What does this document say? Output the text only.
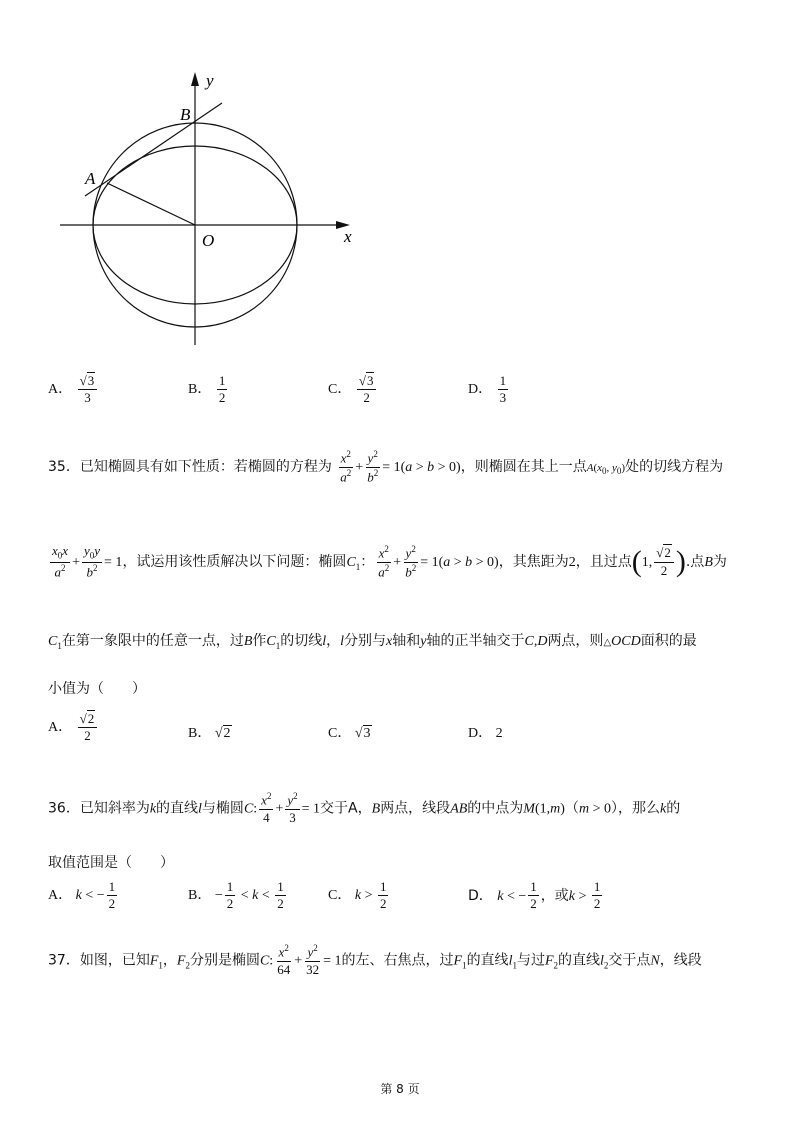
y
x
B
A
O
A． $\frac{√3}{3}$	B． $\frac{1}{2}$	C． $\frac{√3}{2}$	D． $\frac{1}{3}$
35．已知椭圆具有如下性质：若椭圆的方程为 $\frac{x^2}{a^2} + \frac{y^2}{b^2} = 1(a > b > 0)$，则椭圆在其上一点$A(x_0$, $y_0$)处的切线方程为
$\frac{x_0x}{a^2} + \frac{y_0y}{b^2} = 1$，试运用该性质解决以下问题：椭圆$C_1$： $\frac{x^2}{a^2} + \frac{y^2}{b^2} = 1(a > b > 0)$，其焦距为2，且过点(1, $\frac{√2}{2}$ ).点B为
$C_1$在第一象限中的任意一点，过B作$C_1$的切线l，l分别与x轴和y轴的正半轴交于C,D两点，则△OCD面积的最
小值为（　　）
A． $\frac{√2}{2}$	B． √2	C． √3	D． 2
36．已知斜率为k的直线l与椭圆C: $\frac{x^2}{4} + \frac{y^2}{3} = 1$交于A，B两点，线段AB的中点为M(1,m)（m > 0），那么k的
取值范围是（　　）
A． k < − $\frac{1}{2}$	B． − $\frac{1}{2} < k < \frac{1}{2}$	C． $k > \frac{1}{2}$	D． k < − $\frac{1}{2}$ ，或$k > \frac{1}{2}$
37．如图，已知$F_1$，$F_2$分别是椭圆C: $\frac{x^2}{64} + \frac{y^2}{32} = 1$的左、右焦点，过$F_1$的直线$l_1$与过$F_2$的直线$l_2$交于点N，线段
第 8 页
